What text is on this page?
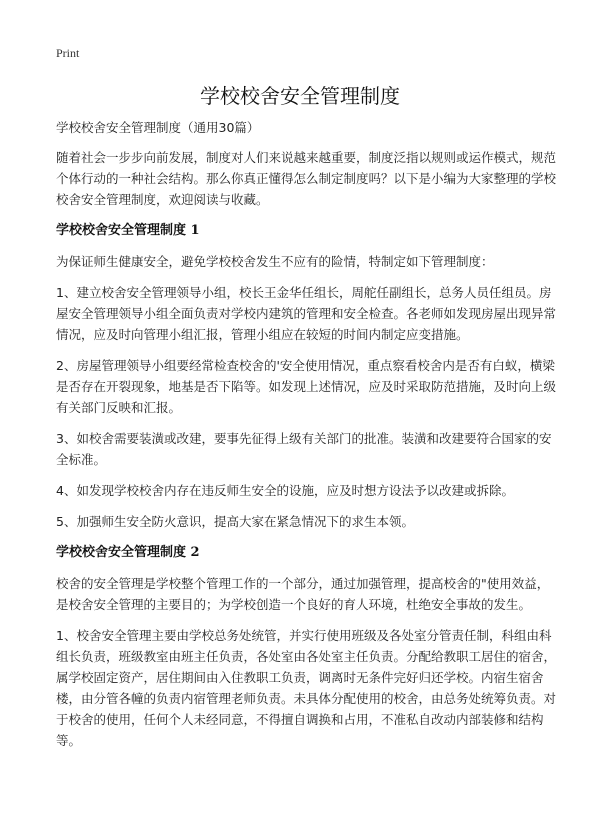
Print
学校校舍安全管理制度

学校校舍安全管理制度（通用30篇）

随着社会一步步向前发展，制度对人们来说越来越重要，制度泛指以规则或运作模式，规范个体行动的一种社会结构。那么你真正懂得怎么制定制度吗？以下是小编为大家整理的学校校舍安全管理制度，欢迎阅读与收藏。

学校校舍安全管理制度 1

为保证师生健康安全，避免学校校舍发生不应有的险情，特制定如下管理制度：

1、建立校舍安全管理领导小组，校长王金华任组长，周舵任副组长，总务人员任组员。房屋安全管理领导小组全面负责对学校内建筑的管理和安全检查。各老师如发现房屋出现异常情况，应及时向管理小组汇报，管理小组应在较短的时间内制定应变措施。

2、房屋管理领导小组要经常检查校舍的'安全使用情况，重点察看校舍内是否有白蚁，横梁是否存在开裂现象，地基是否下陷等。如发现上述情况，应及时采取防范措施，及时向上级有关部门反映和汇报。

3、如校舍需要装潢或改建，要事先征得上级有关部门的批准。装潢和改建要符合国家的安全标准。

4、如发现学校校舍内存在违反师生安全的设施，应及时想方设法予以改建或拆除。

5、加强师生安全防火意识，提高大家在紧急情况下的求生本领。

学校校舍安全管理制度 2

校舍的安全管理是学校整个管理工作的一个部分，通过加强管理，提高校舍的"使用效益，是校舍安全管理的主要目的；为学校创造一个良好的育人环境，杜绝安全事故的发生。

1、校舍安全管理主要由学校总务处统管，并实行使用班级及各处室分管责任制，科组由科组长负责，班级教室由班主任负责，各处室由各处室主任负责。分配给教职工居住的宿舍，属学校固定资产，居住期间由入住教职工负责，调离时无条件完好归还学校。内宿生宿舍楼，由分管各幢的负责内宿管理老师负责。未具体分配使用的校舍，由总务处统筹负责。对于校舍的使用，任何个人未经同意，不得擅自调换和占用，不准私自改动内部装修和结构等。
